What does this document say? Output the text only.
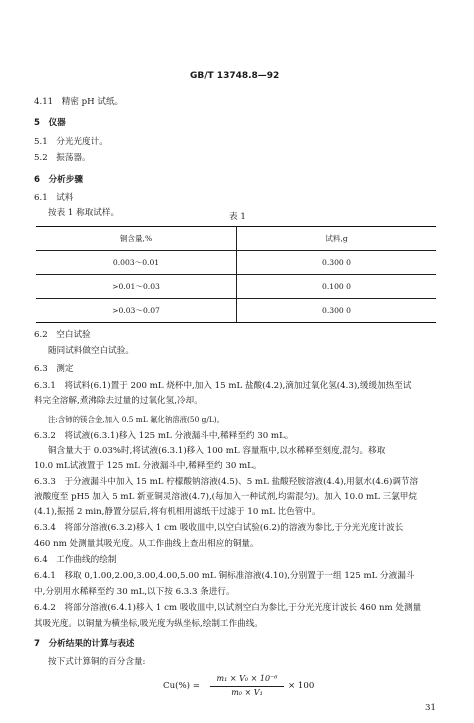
GB/T 13748.8—92
4.11　精密 pH 试纸。
5　仪器
5.1　分光光度计。
5.2　振荡器。
6　分析步骤
6.1　试料
按表 1 称取试样。	表 1
铜含量,%	试料,g
0.003～0.01	0.300 0
>0.01～0.03	0.100 0
>0.03～0.07	0.300 0
6.2　空白试验
随同试料做空白试验。
6.3　测定
6.3.1　将试料(6.1)置于 200 mL 烧杯中,加入 15 mL 盐酸(4.2),滴加过氧化氢(4.3),缓缓加热至试
料完全溶解,煮沸除去过量的过氧化氢,冷却。
注:含铈的镁合金,加入 0.5 mL 氟化钠溶液(50 g/L)。
6.3.2　将试液(6.3.1)移入 125 mL 分液漏斗中,稀释至约 30 mL。
铜含量大于 0.03%时,将试液(6.3.1)移入 100 mL 容量瓶中,以水稀释至刻度,混匀。移取
10.0 mL试液置于 125 mL 分液漏斗中,稀释至约 30 mL。
6.3.3　于分液漏斗中加入 15 mL 柠檬酸钠溶液(4.5)、5 mL 盐酸羟胺溶液(4.4),用氨水(4.6)调节溶
液酸度至 pH5 加入 5 mL 新亚铜灵溶液(4.7),(每加入一种试剂,均需混匀)。加入 10.0 mL 三氯甲烷
(4.1),振摇 2 min,静置分层后,将有机相用滤纸干过滤于 10 mL 比色管中。
6.3.4　将部分溶液(6.3.2)移入 1 cm 吸收皿中,以空白试验(6.2)的溶液为参比,于分光光度计波长
460 nm 处测量其吸光度。从工作曲线上查出相应的铜量。
6.4　工作曲线的绘制
6.4.1　移取 0,1.00,2.00,3.00,4.00,5.00 mL 铜标准溶液(4.10),分别置于一组 125 mL 分液漏斗
中,分别用水稀释至约 30 mL,以下按 6.3.3 条进行。
6.4.2　将部分溶液(6.4.1)移入 1 cm 吸收皿中,以试剂空白为参比,于分光光度计波长 460 nm 处测量
其吸光度。以铜量为横坐标,吸光度为纵坐标,绘制工作曲线。
7　分析结果的计算与表述
按下式计算铜的百分含量:
Cu(%) =
m₁ × V₀ × 10⁻⁶
m₀ × V₁
× 100
31
